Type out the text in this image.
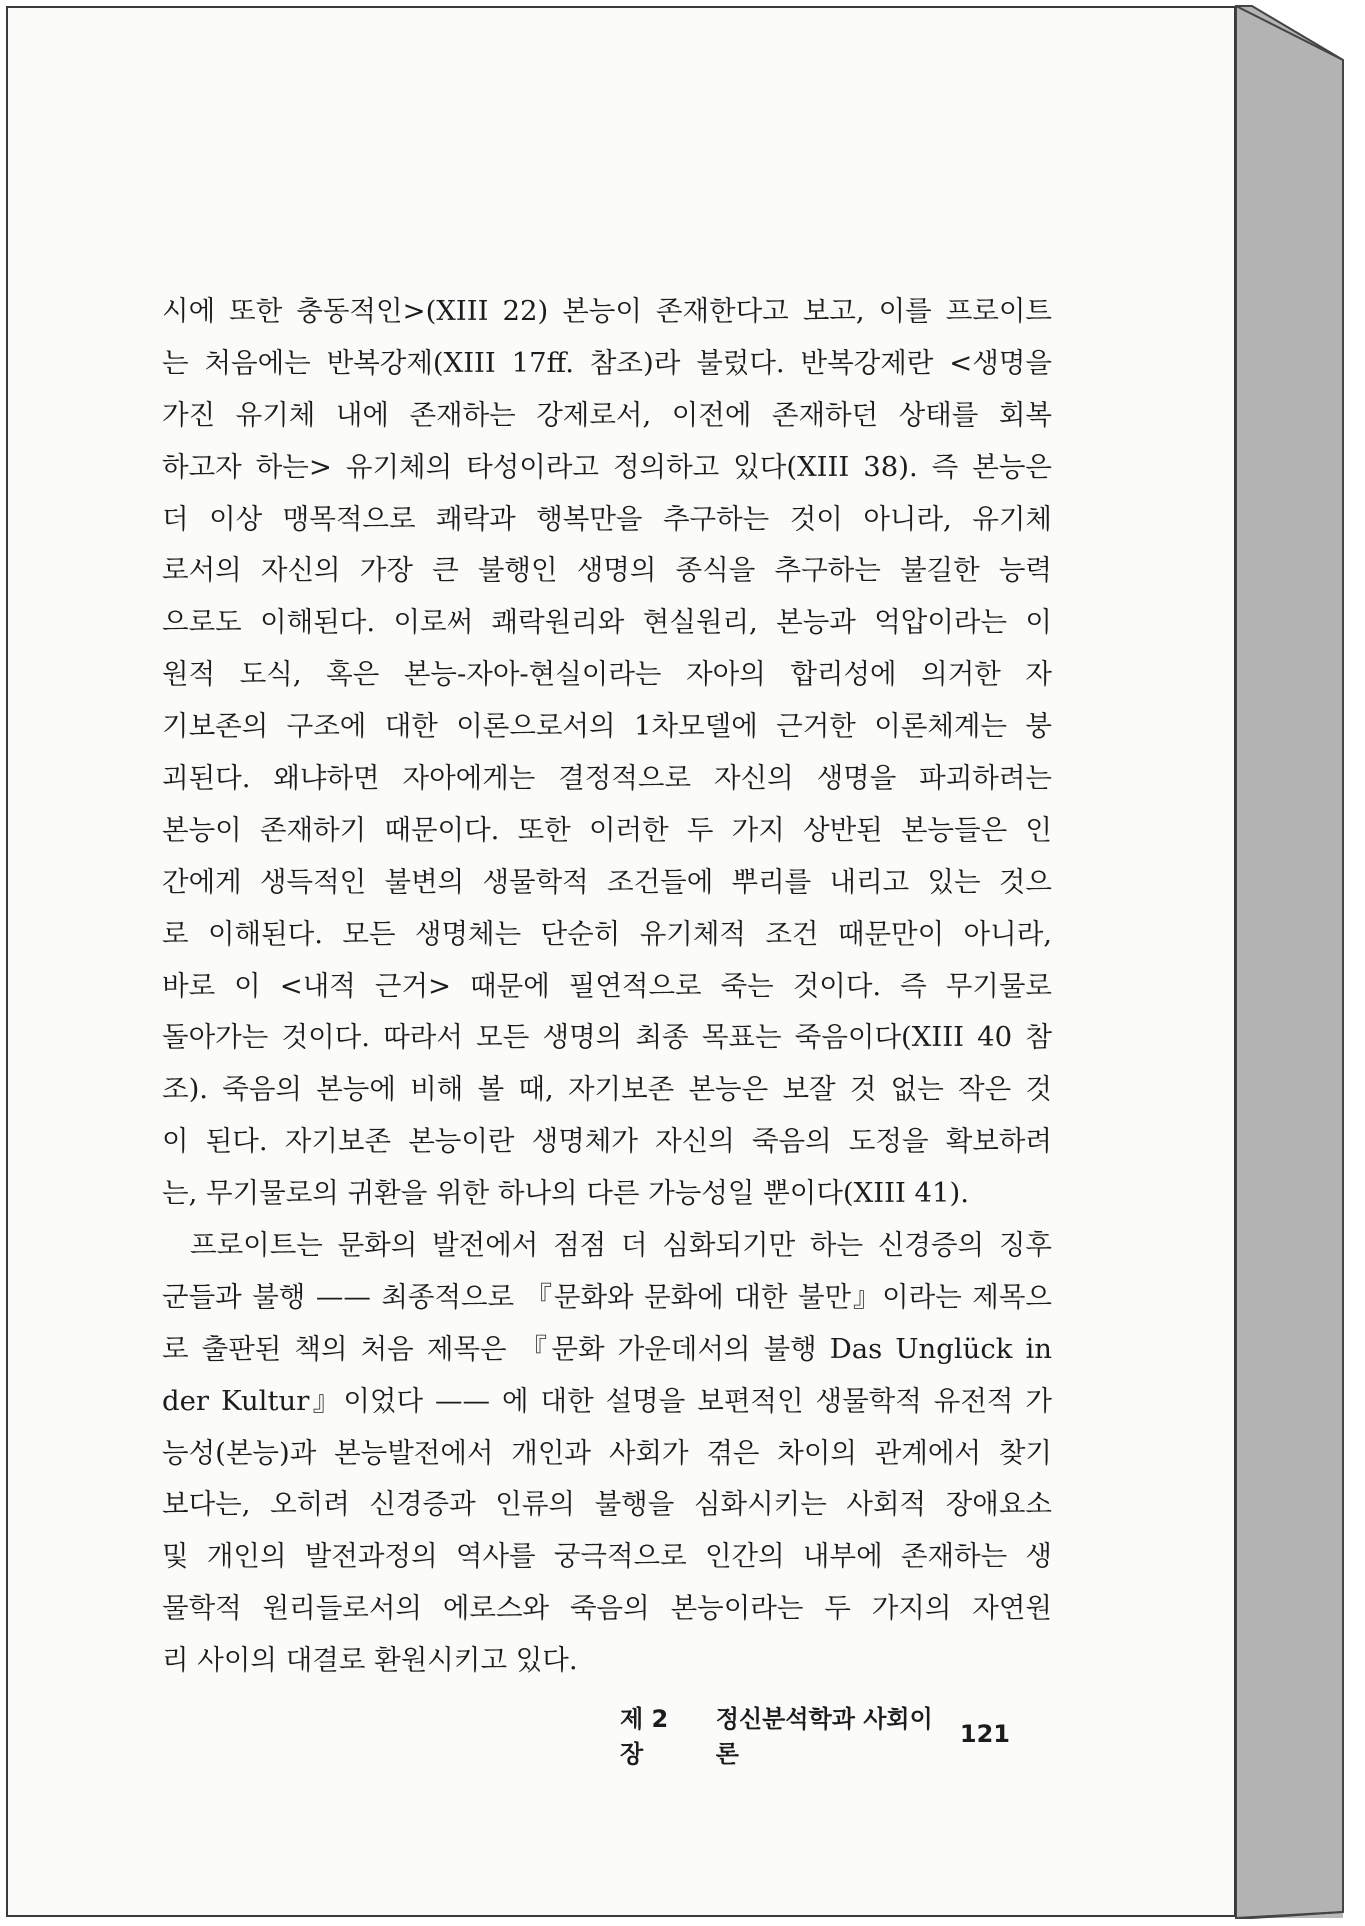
시에 또한 충동적인>(XIII 22) 본능이 존재한다고 보고, 이를 프로이트
는 처음에는 반복강제(XIII 17ff. 참조)라 불렀다. 반복강제란 <생명을
가진 유기체 내에 존재하는 강제로서, 이전에 존재하던 상태를 회복
하고자 하는> 유기체의 타성이라고 정의하고 있다(XIII 38). 즉 본능은
더 이상 맹목적으로 쾌락과 행복만을 추구하는 것이 아니라, 유기체
로서의 자신의 가장 큰 불행인 생명의 종식을 추구하는 불길한 능력
으로도 이해된다. 이로써 쾌락원리와 현실원리, 본능과 억압이라는 이
원적 도식, 혹은 본능-자아-현실이라는 자아의 합리성에 의거한 자
기보존의 구조에 대한 이론으로서의 1차모델에 근거한 이론체계는 붕
괴된다. 왜냐하면 자아에게는 결정적으로 자신의 생명을 파괴하려는
본능이 존재하기 때문이다. 또한 이러한 두 가지 상반된 본능들은 인
간에게 생득적인 불변의 생물학적 조건들에 뿌리를 내리고 있는 것으
로 이해된다. 모든 생명체는 단순히 유기체적 조건 때문만이 아니라,
바로 이 <내적 근거> 때문에 필연적으로 죽는 것이다. 즉 무기물로
돌아가는 것이다. 따라서 모든 생명의 최종 목표는 죽음이다(XIII 40 참
조). 죽음의 본능에 비해 볼 때, 자기보존 본능은 보잘 것 없는 작은 것
이 된다. 자기보존 본능이란 생명체가 자신의 죽음의 도정을 확보하려
는, 무기물로의 귀환을 위한 하나의 다른 가능성일 뿐이다(XIII 41).
프로이트는 문화의 발전에서 점점 더 심화되기만 하는 신경증의 징후
군들과 불행 —— 최종적으로 『문화와 문화에 대한 불만』이라는 제목으
로 출판된 책의 처음 제목은 『문화 가운데서의 불행 Das Unglück in
der Kultur』이었다 —— 에 대한 설명을 보편적인 생물학적 유전적 가
능성(본능)과 본능발전에서 개인과 사회가 겪은 차이의 관계에서 찾기
보다는, 오히려 신경증과 인류의 불행을 심화시키는 사회적 장애요소
및 개인의 발전과정의 역사를 궁극적으로 인간의 내부에 존재하는 생
물학적 원리들로서의 에로스와 죽음의 본능이라는 두 가지의 자연원
리 사이의 대결로 환원시키고 있다.
제 2 장
정신분석학과 사회이론
121
